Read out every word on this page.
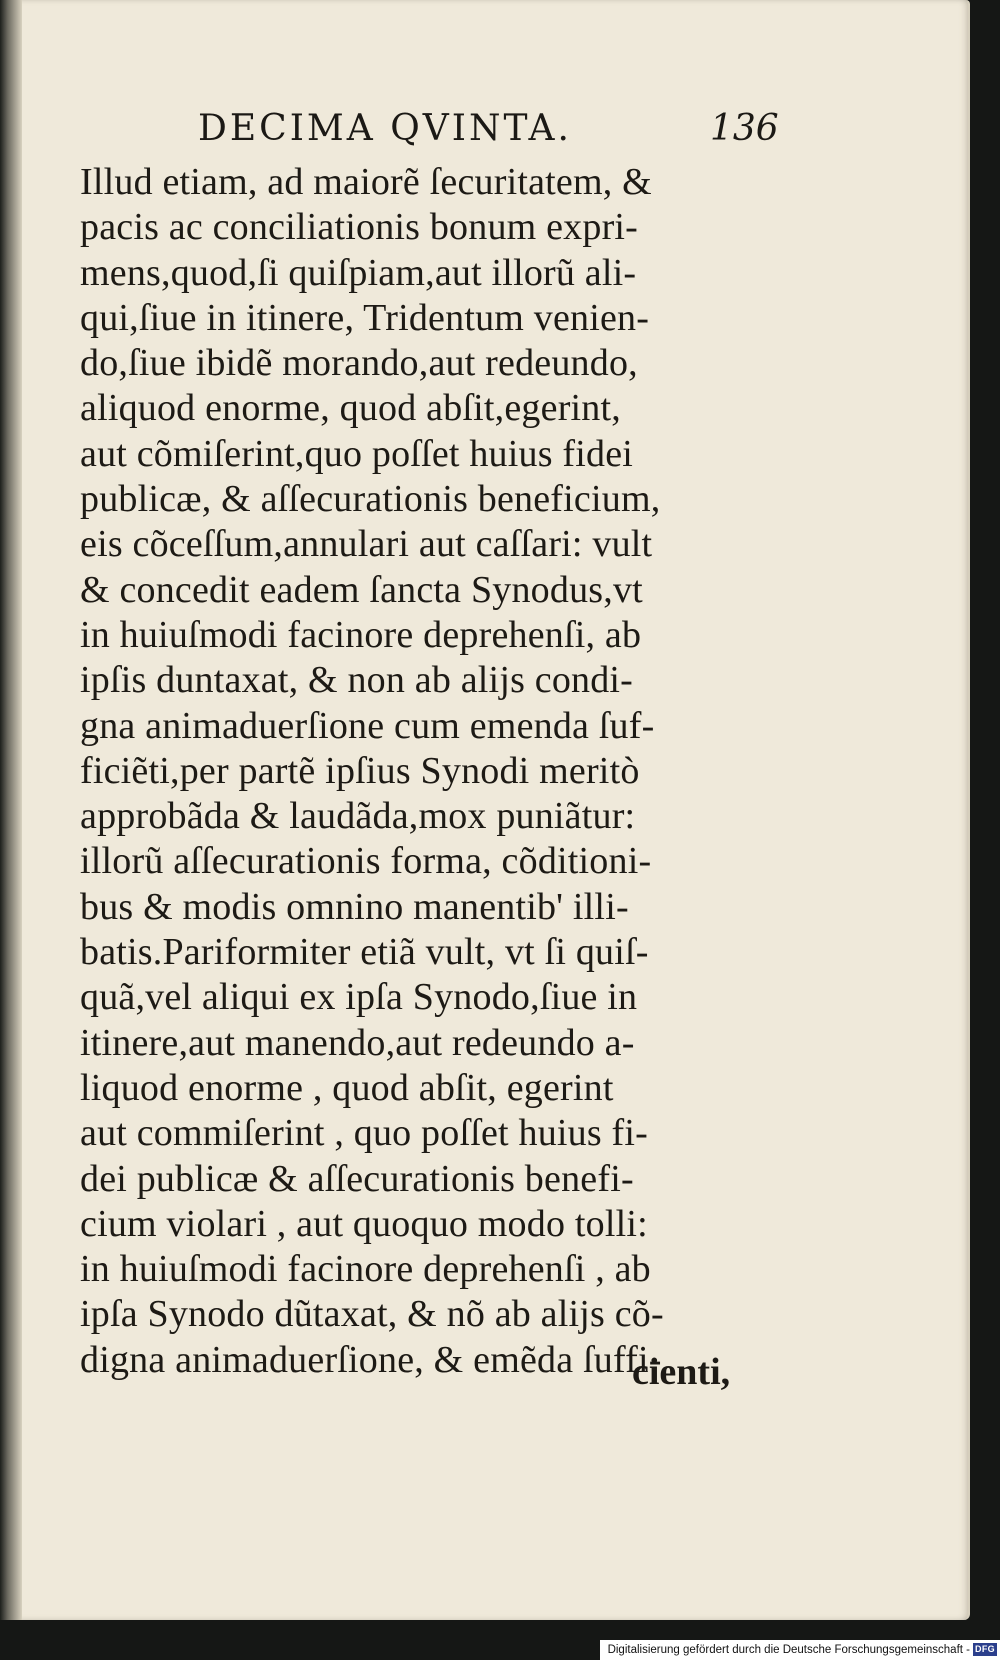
DECIMA QVINTA.	136
Illud etiam, ad maiorẽ ſecuritatem, &
pacis ac conciliationis bonum expri-
mens,quod,ſi quiſpiam,aut illorũ ali-
qui,ſiue in itinere, Tridentum venien-
do,ſiue ibidẽ morando,aut redeundo,
aliquod enorme, quod abſit,egerint,
aut cõmiſerint,quo poſſet huius fidei
publicæ, & aſſecurationis beneficium,
eis cõceſſum,annulari aut caſſari: vult
& concedit eadem ſancta Synodus,vt
in huiuſmodi facinore deprehenſi, ab
ipſis duntaxat, & non ab alijs condi-
gna animaduerſione cum emenda ſuf-
ficiẽti,per partẽ ipſius Synodi meritò
approbãda & laudãda,mox puniãtur:
illorũ aſſecurationis forma, cõditioni-
bus & modis omnino manentib' illi-
batis.Pariformiter etiã vult, vt ſi quiſ-
quã,vel aliqui ex ipſa Synodo,ſiue in
itinere,aut manendo,aut redeundo a-
liquod enorme , quod abſit, egerint
aut commiſerint , quo poſſet huius fi-
dei publicæ & aſſecurationis benefi-
cium violari , aut quoquo modo tolli:
in huiuſmodi facinore deprehenſi , ab
ipſa Synodo dũtaxat, & nõ ab alijs cõ-
digna animaduerſione, & emẽda ſuffi-
cienti,
Digitalisierung gefördert durch die Deutsche Forschungsgemeinschaft - DFG
